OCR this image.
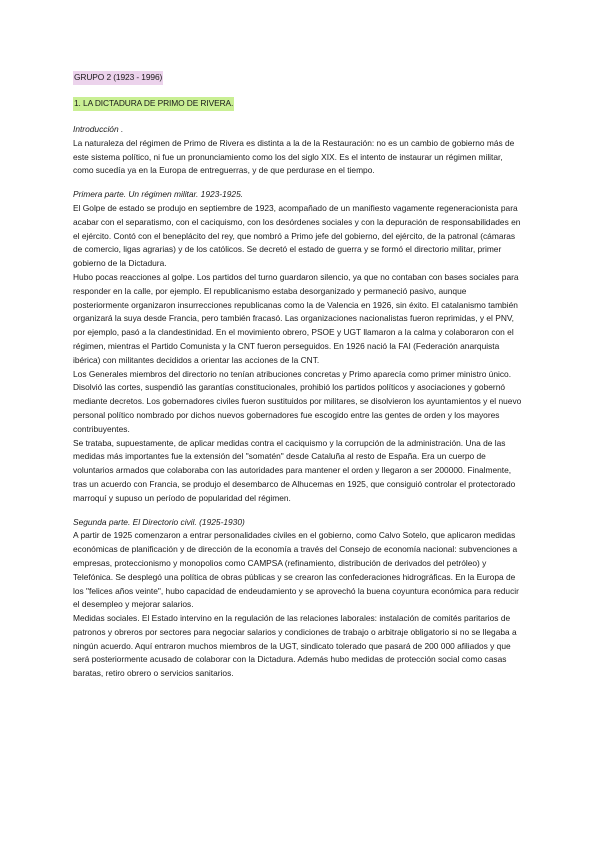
GRUPO 2 (1923 - 1996)
1. LA DICTADURA DE PRIMO DE RIVERA.
Introducción .

La naturaleza del régimen de Primo de Rivera es distinta a la de la Restauración: no es un cambio de gobierno más de este sistema político, ni fue un pronunciamiento como los del siglo XIX. Es el intento de instaurar un régimen militar, como sucedía ya en la Europa de entreguerras, y de que perdurase en el tiempo.

Primera parte. Un régimen militar. 1923-1925.

El Golpe de estado se produjo en septiembre de 1923, acompañado de un manifiesto vagamente regeneracionista para acabar con el separatismo, con el caciquismo, con los desórdenes sociales y con la depuración de responsabilidades en el ejército. Contó con el beneplácito del rey, que nombró a Primo jefe del gobierno, del ejército, de la patronal (cámaras de comercio, ligas agrarias) y de los católicos. Se decretó el estado de guerra y se formó el directorio militar, primer gobierno de la Dictadura.

Hubo pocas reacciones al golpe. Los partidos del turno guardaron silencio, ya que no contaban con bases sociales para responder en la calle, por ejemplo. El republicanismo estaba desorganizado y permaneció pasivo, aunque posteriormente organizaron insurrecciones republicanas como la de Valencia en 1926, sin éxito. El catalanismo también organizará la suya desde Francia, pero también fracasó. Las organizaciones nacionalistas fueron reprimidas, y el PNV, por ejemplo, pasó a la clandestinidad. En el movimiento obrero, PSOE y UGT llamaron a la calma y colaboraron con el régimen, mientras el Partido Comunista y la CNT fueron perseguidos. En 1926 nació la FAI (Federación anarquista ibérica) con militantes decididos a orientar las acciones de la CNT.

Los Generales miembros del directorio no tenían atribuciones concretas y Primo aparecía como primer ministro único. Disolvió las cortes, suspendió las garantías constitucionales, prohibió los partidos políticos y asociaciones y gobernó mediante decretos. Los gobernadores civiles fueron sustituidos por militares, se disolvieron los ayuntamientos y el nuevo personal político nombrado por dichos nuevos gobernadores fue escogido entre las gentes de orden y los mayores contribuyentes.

Se trataba, supuestamente, de aplicar medidas contra el caciquismo y la corrupción de la administración. Una de las medidas más importantes fue la extensión del "somatén" desde Cataluña al resto de España. Era un cuerpo de voluntarios armados que colaboraba con las autoridades para mantener el orden y llegaron a ser 200000. Finalmente, tras un acuerdo con Francia, se produjo el desembarco de Alhucemas en 1925, que consiguió controlar el protectorado marroquí y supuso un período de popularidad del régimen.

Segunda parte. El Directorio civil. (1925-1930)

A partir de 1925 comenzaron a entrar personalidades civiles en el gobierno, como Calvo Sotelo, que aplicaron medidas económicas de planificación y de dirección de la economía a través del Consejo de economía nacional: subvenciones a empresas, proteccionismo y monopolios como CAMPSA (refinamiento, distribución de derivados del petróleo) y Telefónica. Se desplegó una política de obras públicas y se crearon las confederaciones hidrográficas. En la Europa de los "felices años veinte", hubo capacidad de endeudamiento y se aprovechó la buena coyuntura económica para reducir el desempleo y mejorar salarios.

Medidas sociales. El Estado intervino en la regulación de las relaciones laborales: instalación de comités paritarios de patronos y obreros por sectores para negociar salarios y condiciones de trabajo o arbitraje obligatorio si no se llegaba a ningún acuerdo. Aquí entraron muchos miembros de la UGT, sindicato tolerado que pasará de 200 000 afiliados y que será posteriormente acusado de colaborar con la Dictadura. Además hubo medidas de protección social como casas baratas, retiro obrero o servicios sanitarios.
